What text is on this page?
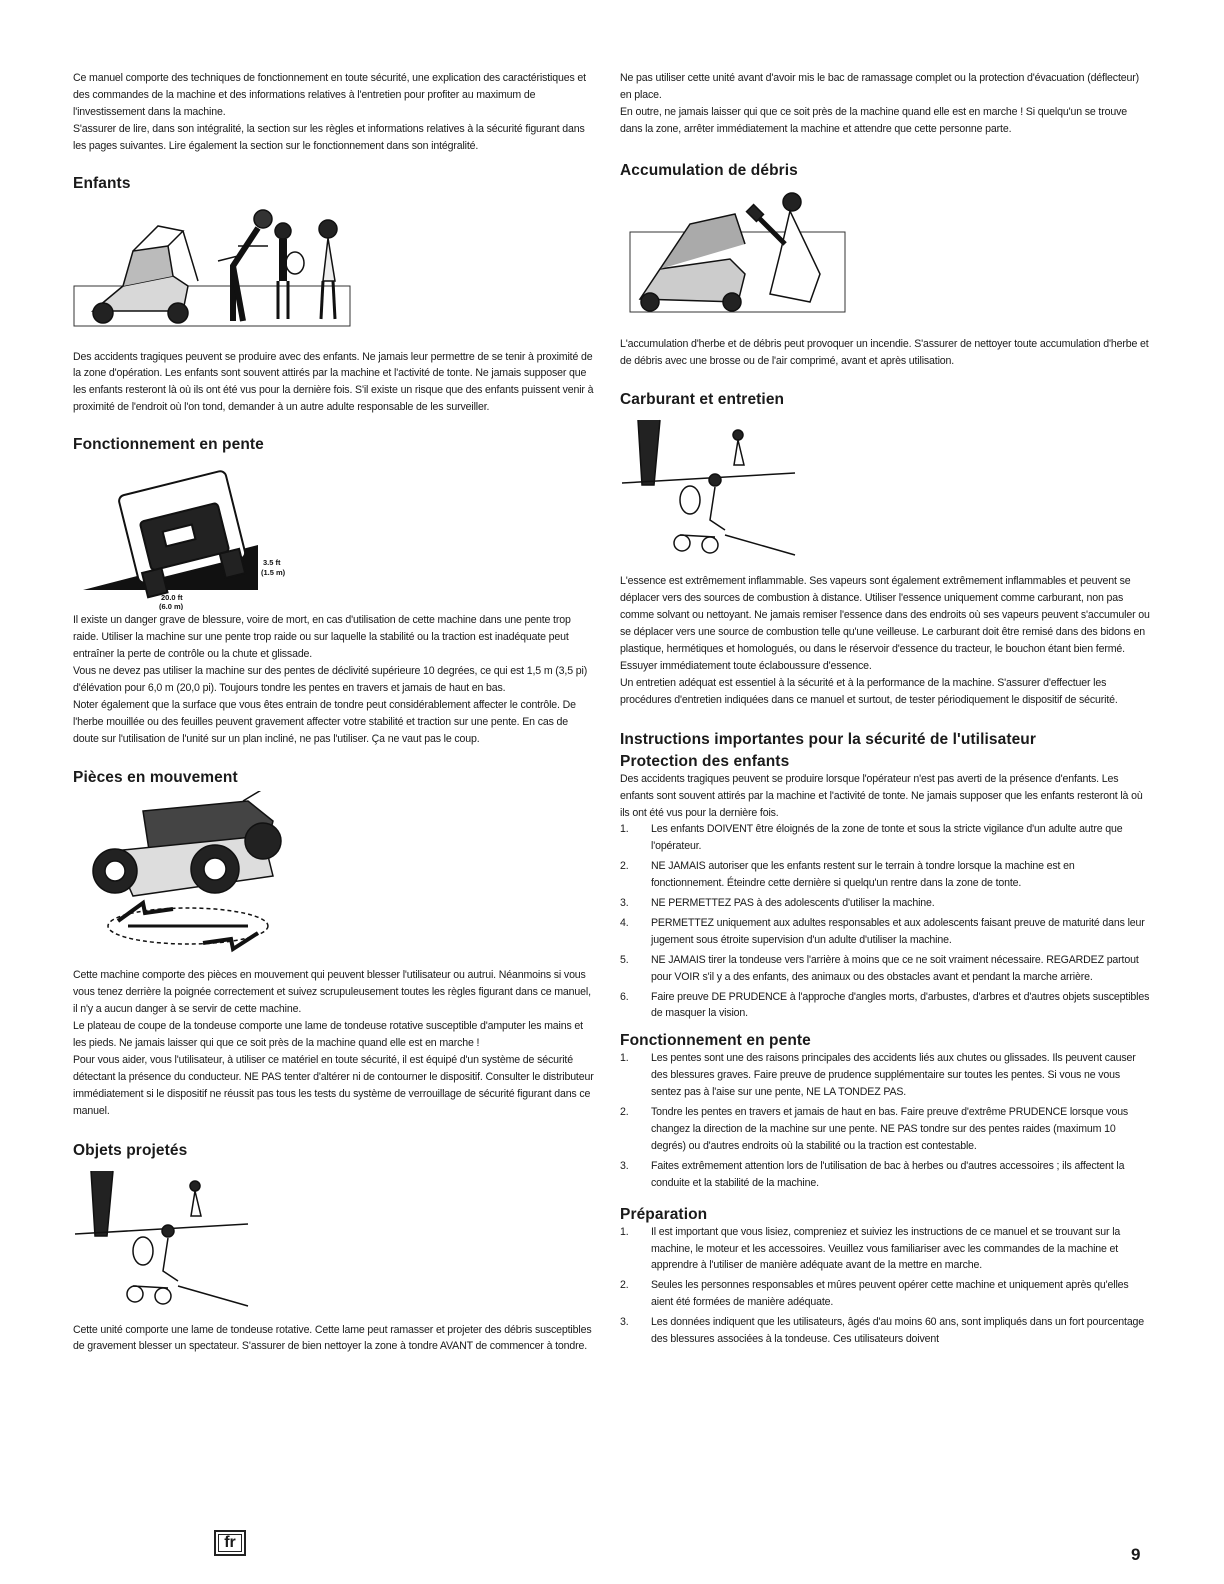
Ce manuel comporte des techniques de fonctionnement en toute sécurité, une explication des caractéristiques et des commandes de la machine et des informations relatives à l'entretien pour profiter au maximum de l'investissement dans la machine.

S'assurer de lire, dans son intégralité, la section sur les règles et informations relatives à la sécurité figurant dans les pages suivantes. Lire également la section sur le fonctionnement dans son intégralité.

Enfants

Des accidents tragiques peuvent se produire avec des enfants. Ne jamais leur permettre de se tenir à proximité de la zone d'opération. Les enfants sont souvent attirés par la machine et l'activité de tonte. Ne jamais supposer que les enfants resteront là où ils ont été vus pour la dernière fois. S'il existe un risque que des enfants puissent venir à proximité de l'endroit où l'on tond, demander à un autre adulte responsable de les surveiller.

Fonctionnement en pente
3.5 ft
(1.5 m)
20.0 ft
(6.0 m)

Il existe un danger grave de blessure, voire de mort, en cas d'utilisation de cette machine dans une pente trop raide. Utiliser la machine sur une pente trop raide ou sur laquelle la stabilité ou la traction est inadéquate peut entraîner la perte de contrôle ou la chute et glissade.

Vous ne devez pas utiliser la machine sur des pentes de déclivité supérieure 10 degrées, ce qui est 1,5 m (3,5 pi) d'élévation pour 6,0 m (20,0 pi). Toujours tondre les pentes en travers et jamais de haut en bas.

Noter également que la surface que vous êtes entrain de tondre peut considérablement affecter le contrôle. De l'herbe mouillée ou des feuilles peuvent gravement affecter votre stabilité et traction sur une pente. En cas de doute sur l'utilisation de l'unité sur un plan incliné, ne pas l'utiliser. Ça ne vaut pas le coup.

Pièces en mouvement

Cette machine comporte des pièces en mouvement qui peuvent blesser l'utilisateur ou autrui. Néanmoins si vous vous tenez derrière la poignée correctement et suivez scrupuleusement toutes les règles figurant dans ce manuel, il n'y a aucun danger à se servir de cette machine.

Le plateau de coupe de la tondeuse comporte une lame de tondeuse rotative susceptible d'amputer les mains et les pieds. Ne jamais laisser qui que ce soit près de la machine quand elle est en marche !

Pour vous aider, vous l'utilisateur, à utiliser ce matériel en toute sécurité, il est équipé d'un système de sécurité détectant la présence du conducteur. NE PAS tenter d'altérer ni de contourner le dispositif. Consulter le distributeur immédiatement si le dispositif ne réussit pas tous les tests du système de verrouillage de sécurité figurant dans ce manuel.

Objets projetés

Cette unité comporte une lame de tondeuse rotative. Cette lame peut ramasser et projeter des débris susceptibles de gravement blesser un spectateur. S'assurer de bien nettoyer la zone à tondre AVANT de commencer à tondre.

Ne pas utiliser cette unité avant d'avoir mis le bac de ramassage complet ou la protection d'évacuation (déflecteur) en place.

En outre, ne jamais laisser qui que ce soit près de la machine quand elle est en marche ! Si quelqu'un se trouve dans la zone, arrêter immédiatement la machine et attendre que cette personne parte.

Accumulation de débris

L'accumulation d'herbe et de débris peut provoquer un incendie. S'assurer de nettoyer toute accumulation d'herbe et de débris avec une brosse ou de l'air comprimé, avant et après utilisation.

Carburant et entretien

L'essence est extrêmement inflammable. Ses vapeurs sont également extrêmement inflammables et peuvent se déplacer vers des sources de combustion à distance. Utiliser l'essence uniquement comme carburant, non pas comme solvant ou nettoyant. Ne jamais remiser l'essence dans des endroits où ses vapeurs peuvent s'accumuler ou se déplacer vers une source de combustion telle qu'une veilleuse. Le carburant doit être remisé dans des bidons en plastique, hermétiques et homologués, ou dans le réservoir d'essence du tracteur, le bouchon étant bien fermé. Essuyer immédiatement toute éclaboussure d'essence.

Un entretien adéquat est essentiel à la sécurité et à la performance de la machine. S'assurer d'effectuer les procédures d'entretien indiquées dans ce manuel et surtout, de tester périodiquement le dispositif de sécurité.

Instructions importantes pour la sécurité de l'utilisateur
Protection des enfants

Des accidents tragiques peuvent se produire lorsque l'opérateur n'est pas averti de la présence d'enfants. Les enfants sont souvent attirés par la machine et l'activité de tonte. Ne jamais supposer que les enfants resteront là où ils ont été vus pour la dernière fois.

1. Les enfants DOIVENT être éloignés de la zone de tonte et sous la stricte vigilance d'un adulte autre que l'opérateur.
2. NE JAMAIS autoriser que les enfants restent sur le terrain à tondre lorsque la machine est en fonctionnement. Éteindre cette dernière si quelqu'un rentre dans la zone de tonte.
3. NE PERMETTEZ PAS à des adolescents d'utiliser la machine.
4. PERMETTEZ uniquement aux adultes responsables et aux adolescents faisant preuve de maturité dans leur jugement sous étroite supervision d'un adulte d'utiliser la machine.
5. NE JAMAIS tirer la tondeuse vers l'arrière à moins que ce ne soit vraiment nécessaire. REGARDEZ partout pour VOIR s'il y a des enfants, des animaux ou des obstacles avant et pendant la marche arrière.
6. Faire preuve DE PRUDENCE à l'approche d'angles morts, d'arbustes, d'arbres et d'autres objets susceptibles de masquer la vision.
Fonctionnement en pente
1. Les pentes sont une des raisons principales des accidents liés aux chutes ou glissades. Ils peuvent causer des blessures graves. Faire preuve de prudence supplémentaire sur toutes les pentes. Si vous ne vous sentez pas à l'aise sur une pente, NE LA TONDEZ PAS.
2. Tondre les pentes en travers et jamais de haut en bas. Faire preuve d'extrême PRUDENCE lorsque vous changez la direction de la machine sur une pente. NE PAS tondre sur des pentes raides (maximum 10 degrés) ou d'autres endroits où la stabilité ou la traction est contestable.
3. Faites extrêmement attention lors de l'utilisation de bac à herbes ou d'autres accessoires ; ils affectent la conduite et la stabilité de la machine.
Préparation
1. Il est important que vous lisiez, compreniez et suiviez les instructions de ce manuel et se trouvant sur la machine, le moteur et les accessoires. Veuillez vous familiariser avec les commandes de la machine et apprendre à l'utiliser de manière adéquate avant de la mettre en marche.
2. Seules les personnes responsables et mûres peuvent opérer cette machine et uniquement après qu'elles aient été formées de manière adéquate.
3. Les données indiquent que les utilisateurs, âgés d'au moins 60 ans, sont impliqués dans un fort pourcentage des blessures associées à la tondeuse. Ces utilisateurs doivent
fr
9
